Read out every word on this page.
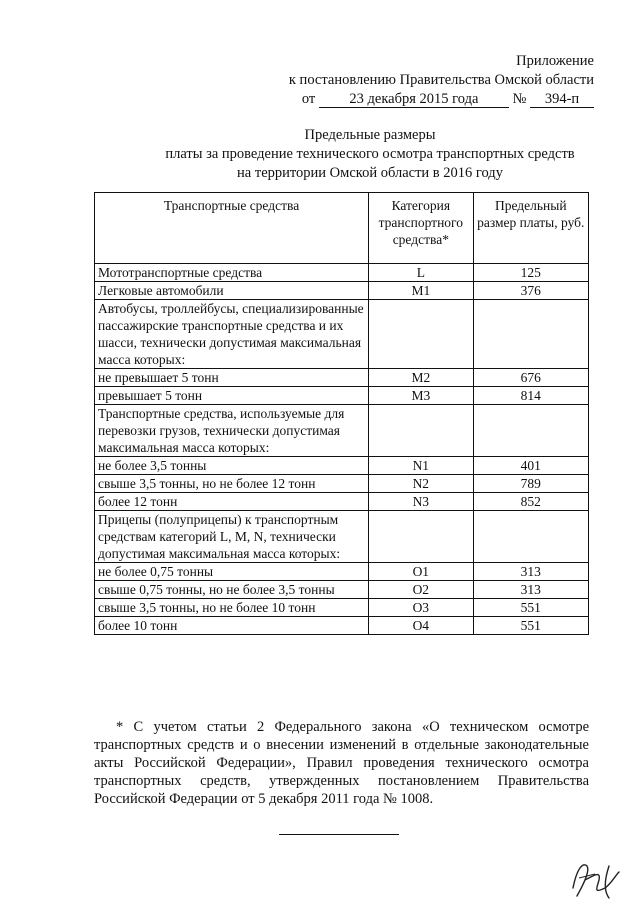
Приложение
к постановлению Правительства Омской области
от 23 декабря 2015 года № 394-п
Предельные размеры
платы за проведение технического осмотра транспортных средств
на территории Омской области в 2016 году
Транспортные средства	Категория транспортного средства*	Предельный размер платы, руб.
Мототранспортные средства	L	125
Легковые автомобили	M1	376
Автобусы, троллейбусы, специализированные пассажирские транспортные средства и их шасси, технически допустимая максимальная масса которых:		
не превышает 5 тонн	M2	676
превышает 5 тонн	M3	814
Транспортные средства, используемые для перевозки грузов, технически допустимая максимальная масса которых:		
не более 3,5 тонны	N1	401
свыше 3,5 тонны, но не более 12 тонн	N2	789
более 12 тонн	N3	852
Прицепы (полуприцепы) к транспортным средствам категорий L, M, N, технически допустимая максимальная масса которых:		
не более 0,75 тонны	O1	313
свыше 0,75 тонны, но не более 3,5 тонны	O2	313
свыше 3,5 тонны, но не более 10 тонн	O3	551
более 10 тонн	O4	551
* С учетом статьи 2 Федерального закона «О техническом осмотре транспортных средств и о внесении изменений в отдельные законодательные акты Российской Федерации», Правил проведения технического осмотра транспортных средств, утвержденных постановлением Правительства Российской Федерации от 5 декабря 2011 года № 1008.
